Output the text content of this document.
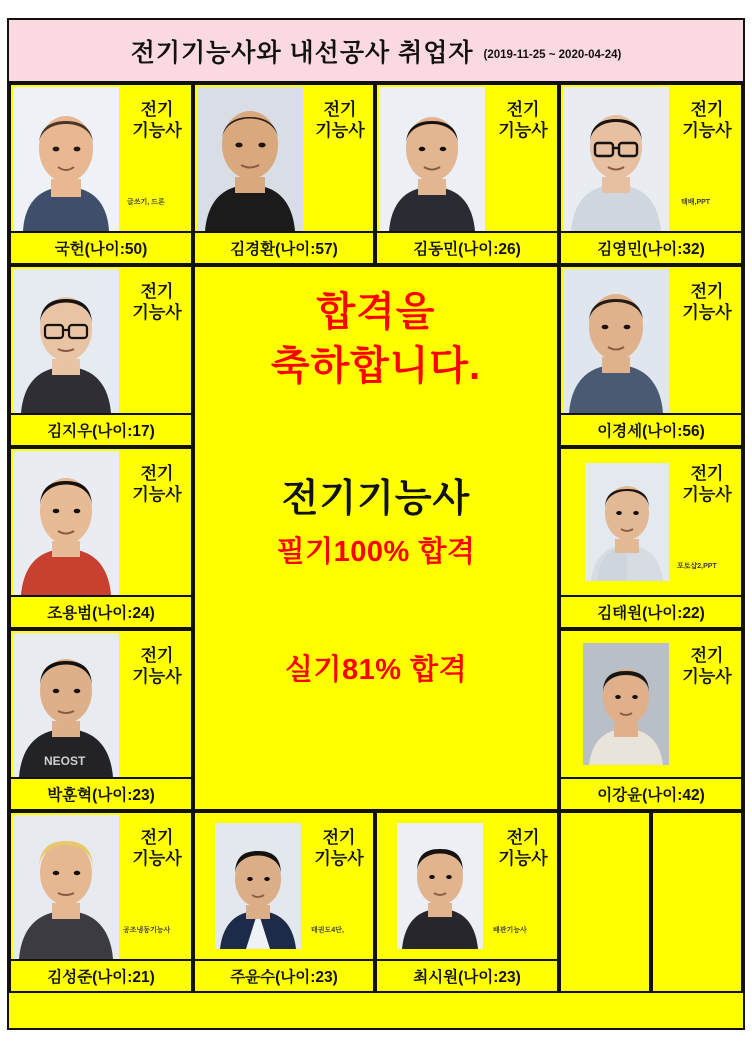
전기기능사와 내선공사 취업자 (2019-11-25 ~ 2020-04-24)
전기
기능사
글쓰기, 드론
국헌(나이:50)
전기
기능사
김경환(나이:57)
전기
기능사
김동민(나이:26)
전기
기능사
택배,PPT
김영민(나이:32)
전기
기능사
김지우(나이:17)
전기
기능사
이경세(나이:56)
전기
기능사
조용범(나이:24)
전기
기능사
포토샵2,PPT
김태원(나이:22)
NEOST
전기
기능사
박훈혁(나이:23)
전기
기능사
이강윤(나이:42)
합격을
축하합니다.
전기기능사
필기100% 합격
실기81% 합격
전기
기능사
공조냉동기능사
김성준(나이:21)
전기
기능사
태권도4단,
주윤수(나이:23)
전기
기능사
배관기능사
최시원(나이:23)
